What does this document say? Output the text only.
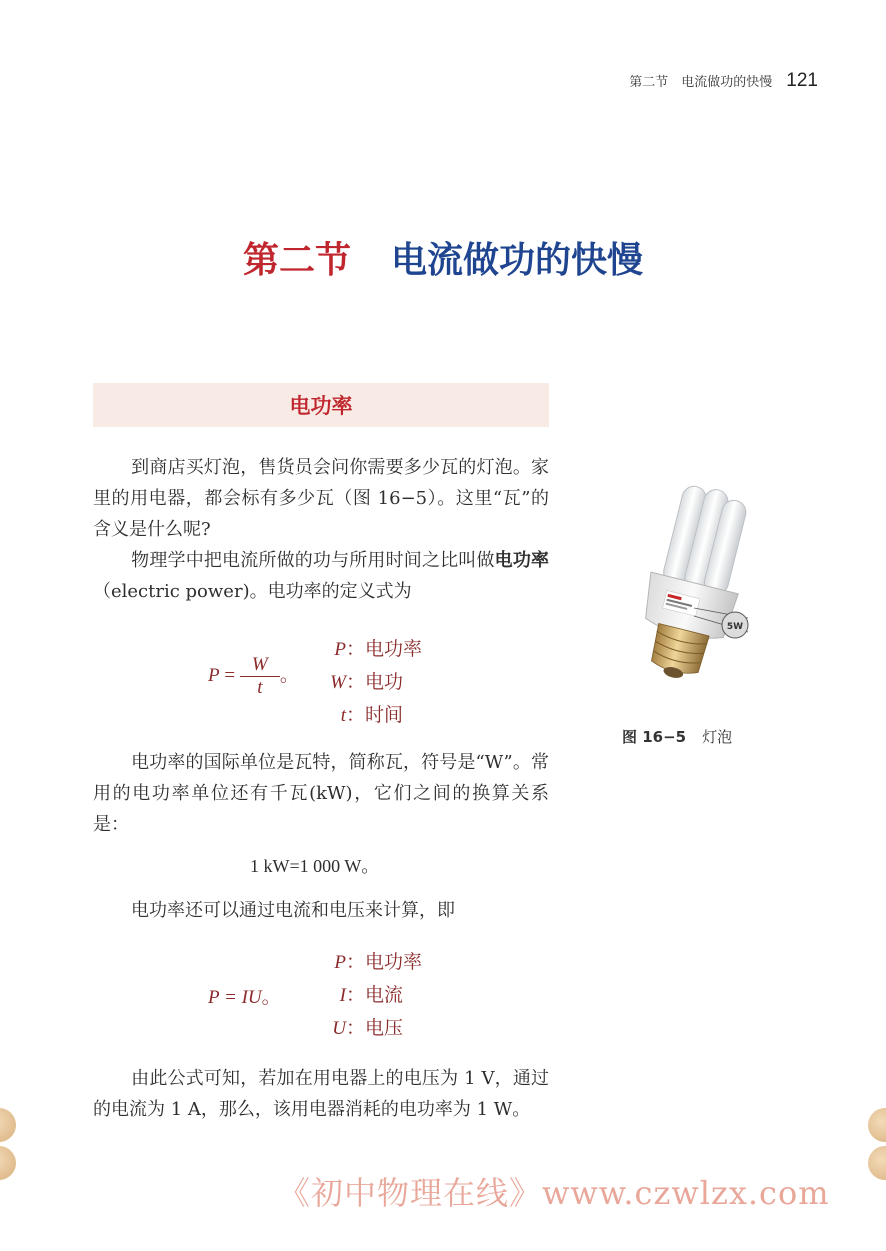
第二节　电流做功的快慢 121
第二节 电流做功的快慢
电功率
到商店买灯泡，售货员会问你需要多少瓦的灯泡。家里的用电器，都会标有多少瓦（图 16−5）。这里“瓦”的含义是什么呢?
物理学中把电流所做的功与所用时间之比叫做电功率（electric power)。电功率的定义式为
$P = \frac{W}{t}$ 。
P：电功率
W：电功
t：时间
电功率的国际单位是瓦特，简称瓦，符号是“W”。常用的电功率单位还有千瓦(kW)，它们之间的换算关系是：
1 kW=1 000 W。
电功率还可以通过电流和电压来计算，即
P = IU。
P：电功率
I：电流
U：电压
由此公式可知，若加在用电器上的电压为 1 V，通过的电流为 1 A，那么，该用电器消耗的电功率为 1 W。
5W
图 16−5 灯泡
《初中物理在线》www.czwlzx.com
